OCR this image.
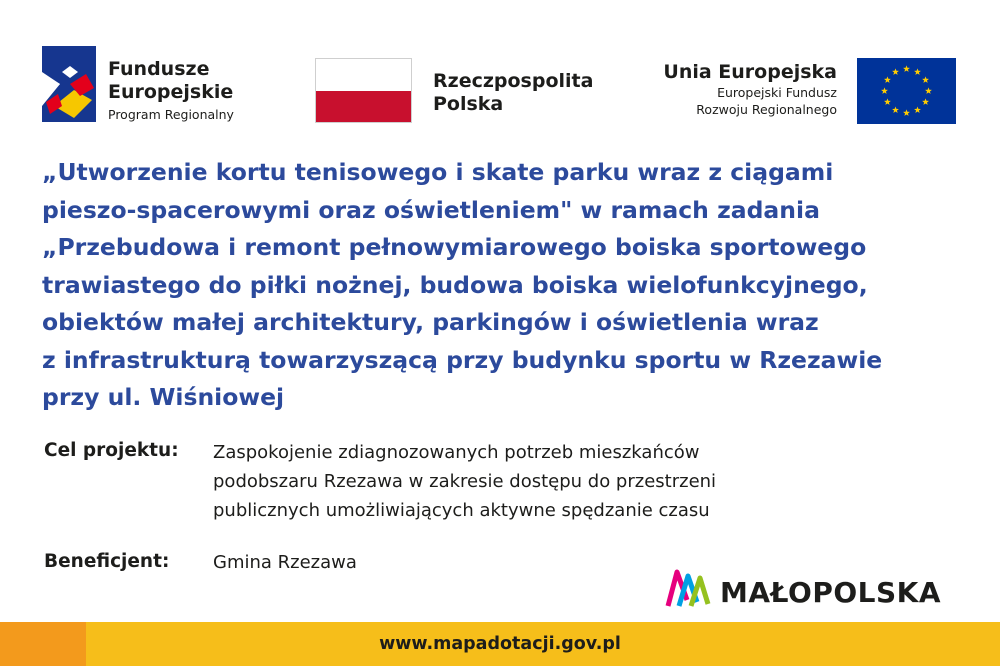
Fundusze
Europejskie
Program Regionalny
Rzeczpospolita
Polska
Unia Europejska
Europejski Fundusz
Rozwoju Regionalnego
„Utworzenie kortu tenisowego i skate parku wraz z ciągami
pieszo-spacerowymi oraz oświetleniem" w ramach zadania
„Przebudowa i remont pełnowymiarowego boiska sportowego
trawiastego do piłki nożnej, budowa boiska wielofunkcyjnego,
obiektów małej architektury, parkingów i oświetlenia wraz
z infrastrukturą towarzyszącą przy budynku sportu w Rzezawie
przy ul. Wiśniowej
Cel projektu: Zaspokojenie zdiagnozowanych potrzeb mieszkańców
podobszaru Rzezawa w zakresie dostępu do przestrzeni
publicznych umożliwiających aktywne spędzanie czasu
Beneficjent: Gmina Rzezawa
MAŁOPOLSKA
www.mapadotacji.gov.pl
